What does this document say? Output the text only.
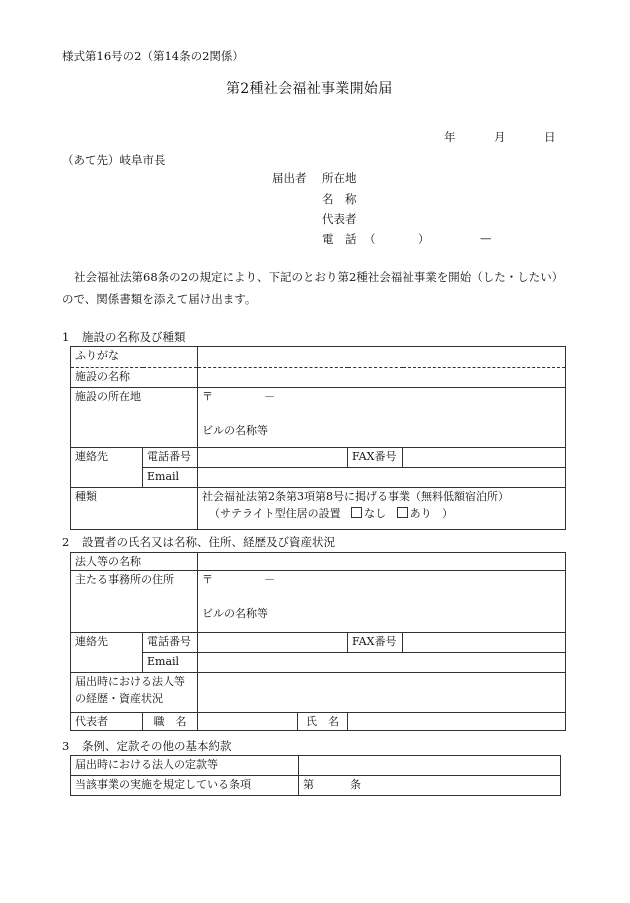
様式第16号の2（第14条の2関係）
第2種社会福祉事業開始届
年	月	日
（あて先）岐阜市長
届出者 所在地
名　称
代表者
電　話 （	）	—
社会福祉法第68条の2の規定により、下記のとおり第2種社会福祉事業を開始（した・したい）ので、関係書類を添えて届け出ます。
1 施設の名称及び種類
ふりがな				
施設の名称				
施設の所在地		〒 －
ビルの名称等		

連絡先	電話番号		FAX番号	
	Email			
種類		社会福祉法第2条第3項第8号に掲げる事業（無料低額宿泊所）
（サテライト型住居の設置 なし あり ）		
2 設置者の氏名又は名称、住所、経歴及び資産状況
法人等の名称					
主たる事務所の住所		〒 －
ビルの名称等			

連絡先	電話番号			FAX番号	
	Email				

届出時における法人等
の経歴・資産状況					

代表者	職　名		氏　名		
3 条例、定款その他の基本約款
届出時における法人の定款等	
当該事業の実施を規定している条項	第 条
